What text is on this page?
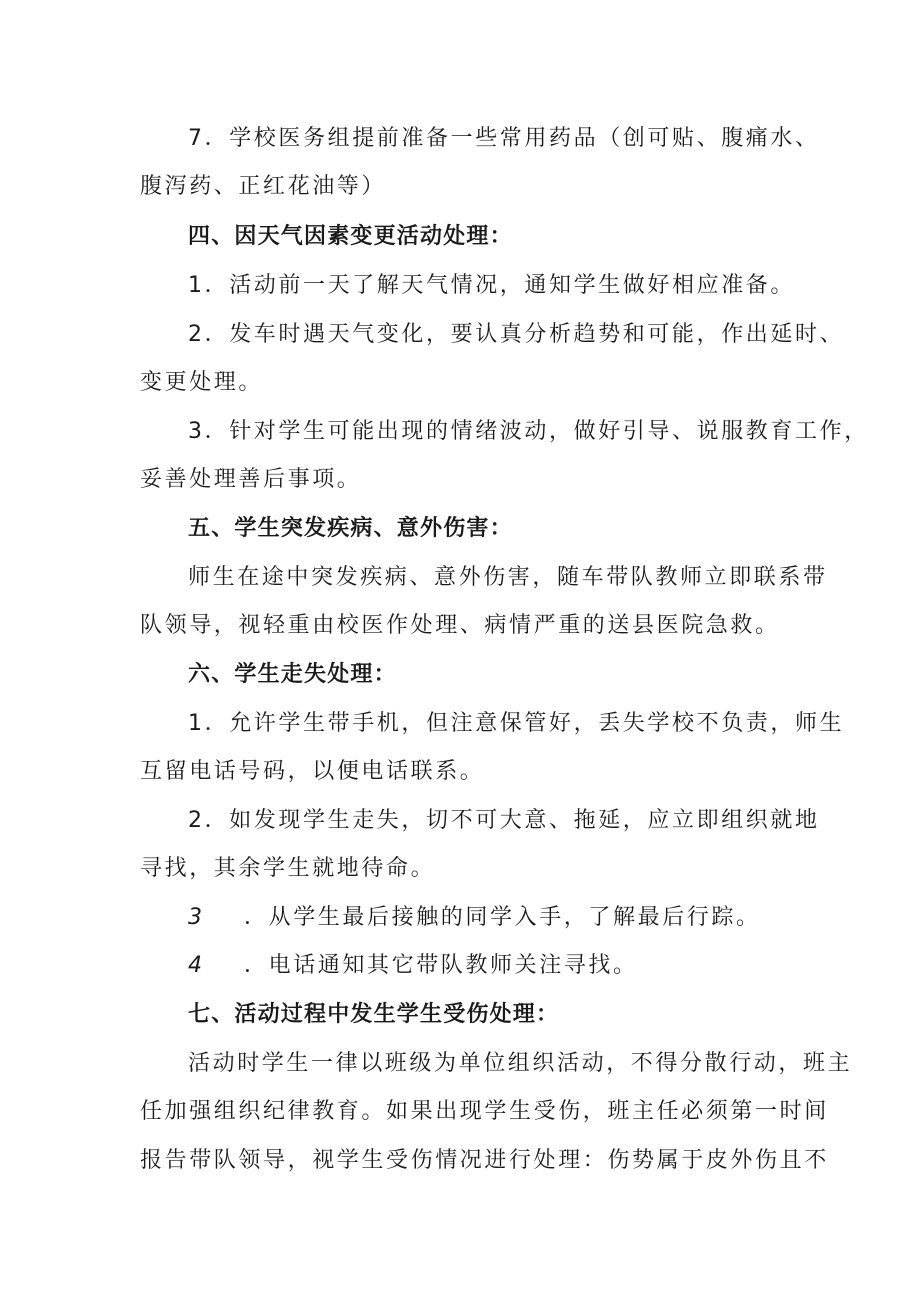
7．学校医务组提前准备一些常用药品（创可贴、腹痛水、
腹泻药、正红花油等）
四、因天气因素变更活动处理：
1．活动前一天了解天气情况，通知学生做好相应准备。
2．发车时遇天气变化，要认真分析趋势和可能，作出延时、
变更处理。
3．针对学生可能出现的情绪波动，做好引导、说服教育工作，
妥善处理善后事项。
五、学生突发疾病、意外伤害：
师生在途中突发疾病、意外伤害，随车带队教师立即联系带
队领导，视轻重由校医作处理、病情严重的送县医院急救。
六、学生走失处理：
1．允许学生带手机，但注意保管好，丢失学校不负责，师生
互留电话号码，以便电话联系。
2．如发现学生走失，切不可大意、拖延，应立即组织就地
寻找，其余学生就地待命。
3 ．从学生最后接触的同学入手，了解最后行踪。
4 ．电话通知其它带队教师关注寻找。
七、活动过程中发生学生受伤处理：
活动时学生一律以班级为单位组织活动，不得分散行动，班主
任加强组织纪律教育。如果出现学生受伤，班主任必须第一时间
报告带队领导，视学生受伤情况进行处理：伤势属于皮外伤且不
